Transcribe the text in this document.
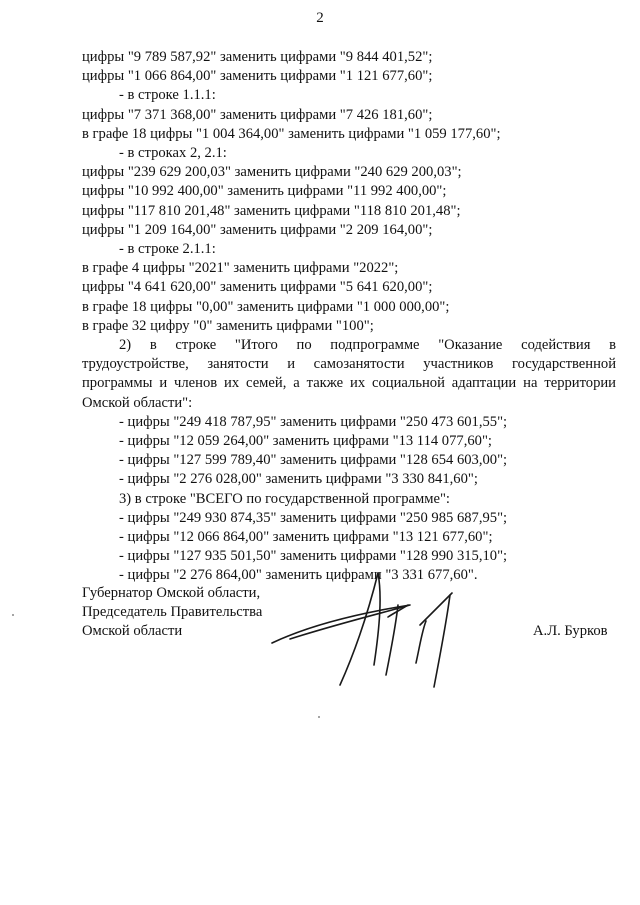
2
цифры "9 789 587,92" заменить цифрами "9 844 401,52";
цифры "1 066 864,00" заменить цифрами "1 121 677,60";
- в строке 1.1.1:
цифры "7 371 368,00" заменить цифрами "7 426 181,60";
в графе 18 цифры "1 004 364,00" заменить цифрами "1 059 177,60";
- в строках 2, 2.1:
цифры "239 629 200,03" заменить цифрами "240 629 200,03";
цифры "10 992 400,00" заменить цифрами "11 992 400,00";
цифры "117 810 201,48" заменить цифрами "118 810 201,48";
цифры "1 209 164,00" заменить цифрами "2 209 164,00";
- в строке 2.1.1:
в графе 4 цифры "2021" заменить цифрами "2022";
цифры "4 641 620,00" заменить цифрами "5 641 620,00";
в графе 18 цифры "0,00" заменить цифрами "1 000 000,00";
в графе 32 цифру "0" заменить цифрами "100";
2) в строке "Итого по подпрограмме "Оказание содействия в
трудоустройстве, занятости и самозанятости участников государственной
программы и членов их семей, а также их социальной адаптации на территории
Омской области":
- цифры "249 418 787,95" заменить цифрами "250 473 601,55";
- цифры "12 059 264,00" заменить цифрами "13 114 077,60";
- цифры "127 599 789,40" заменить цифрами "128 654 603,00";
- цифры "2 276 028,00" заменить цифрами "3 330 841,60";
3) в строке "ВСЕГО по государственной программе":
- цифры "249 930 874,35" заменить цифрами "250 985 687,95";
- цифры "12 066 864,00" заменить цифрами "13 121 677,60";
- цифры "127 935 501,50" заменить цифрами "128 990 315,10";
- цифры "2 276 864,00" заменить цифрами "3 331 677,60".
Губернатор Омской области,
Председатель Правительства
Омской области	А.Л. Бурков
